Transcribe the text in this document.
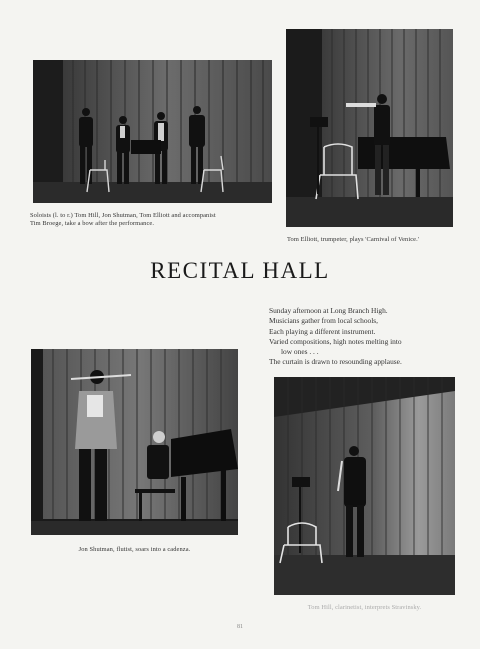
Soloists (l. to r.) Tom Hill, Jon Shutman, Tom Elliott and accompanist
Tim Broege, take a bow after the performance.
Tom Elliott, trumpeter, plays 'Carnival of Venice.'
RECITAL HALL
Sunday afternoon at Long Branch High.
Musicians gather from local schools,
Each playing a different instrument.
Varied compositions, high notes melting into
low ones . . .
The curtain is drawn to resounding applause.
Jon Shutman, flutist, soars into a cadenza.
Tom Hill, clarinetist, interprets Stravinsky.
81
